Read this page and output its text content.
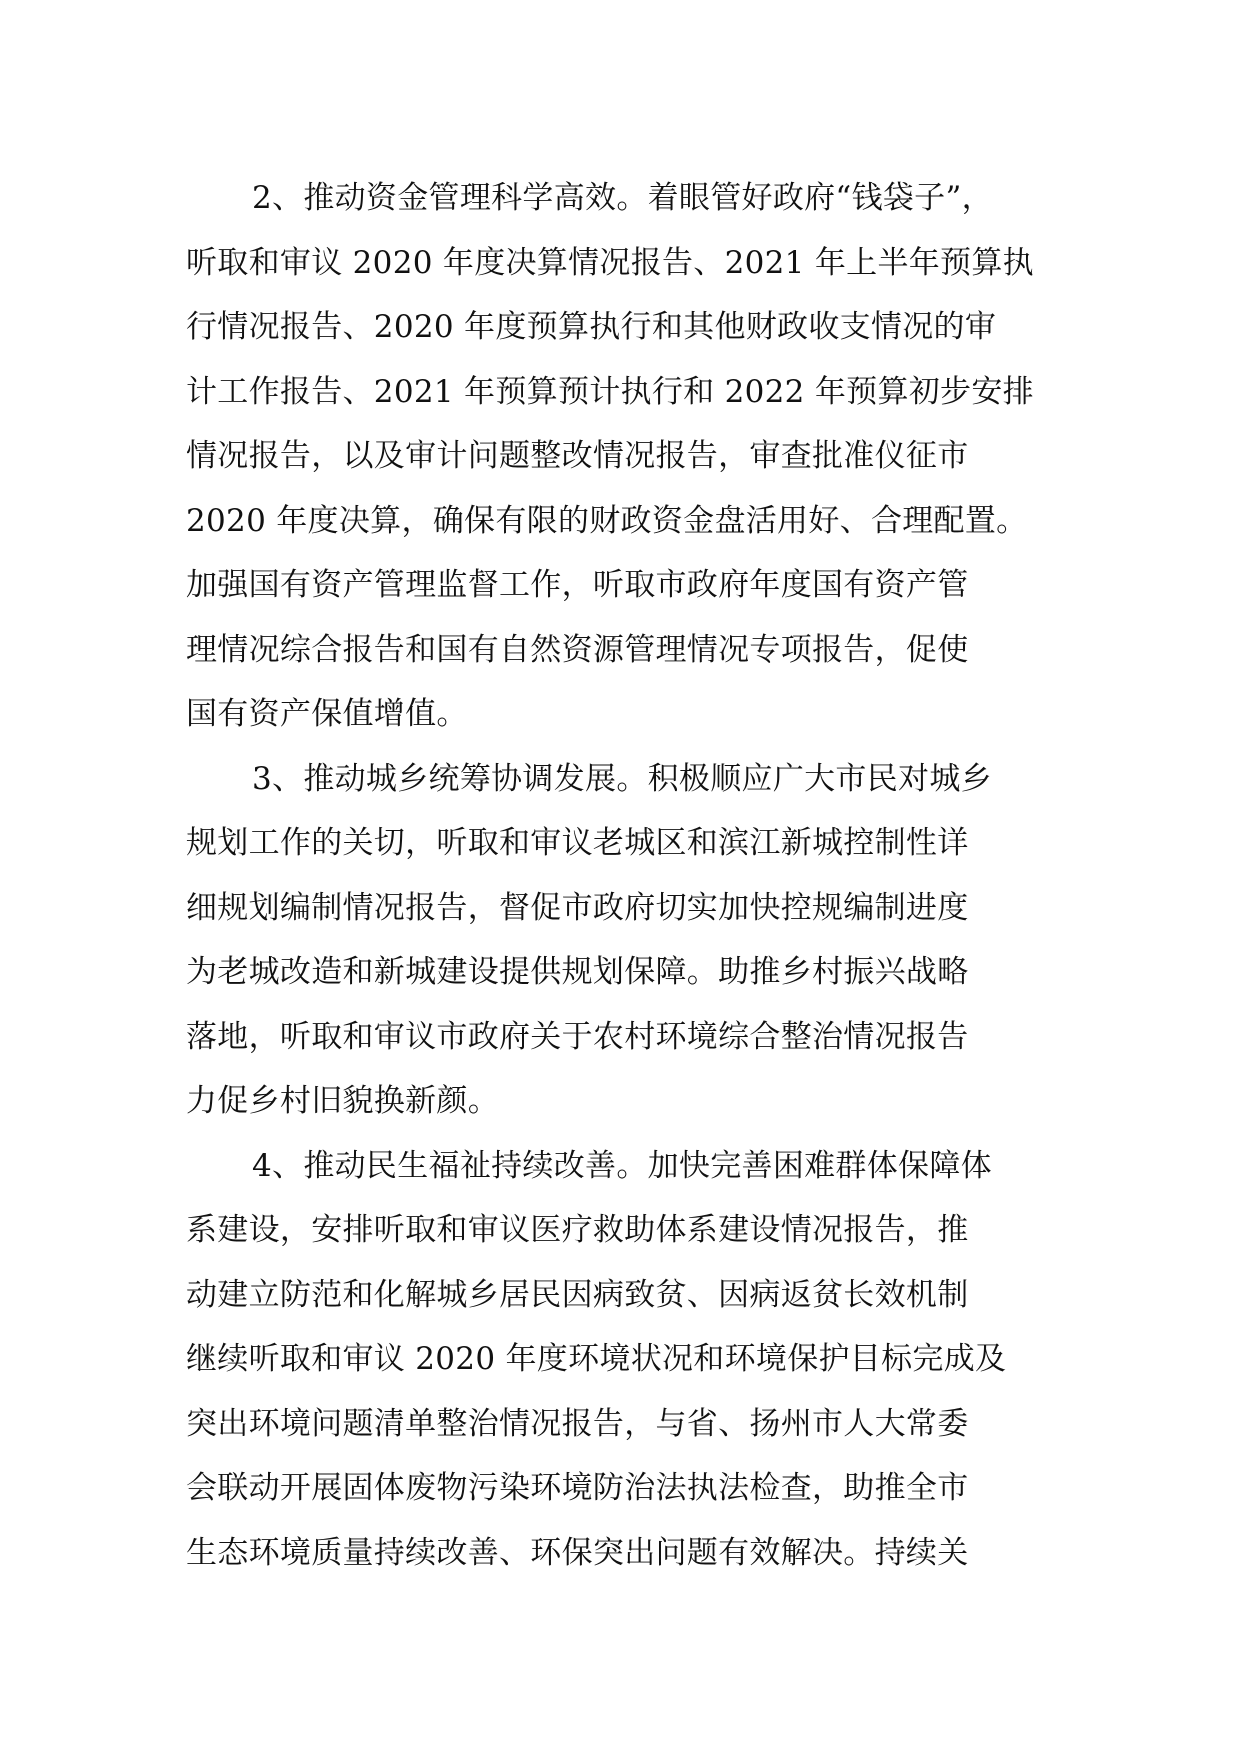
2、推动资金管理科学高效。着眼管好政府“钱袋子”，
听取和审议 2020 年度决算情况报告、2021 年上半年预算执
行情况报告、2020 年度预算执行和其他财政收支情况的审
计工作报告、2021 年预算预计执行和 2022 年预算初步安排
情况报告，以及审计问题整改情况报告，审查批准仪征市
2020 年度决算，确保有限的财政资金盘活用好、合理配置。
加强国有资产管理监督工作，听取市政府年度国有资产管
理情况综合报告和国有自然资源管理情况专项报告，促使
国有资产保值增值。
3、推动城乡统筹协调发展。积极顺应广大市民对城乡
规划工作的关切，听取和审议老城区和滨江新城控制性详
细规划编制情况报告，督促市政府切实加快控规编制进度
为老城改造和新城建设提供规划保障。助推乡村振兴战略
落地，听取和审议市政府关于农村环境综合整治情况报告
力促乡村旧貌换新颜。
4、推动民生福祉持续改善。加快完善困难群体保障体
系建设，安排听取和审议医疗救助体系建设情况报告，推
动建立防范和化解城乡居民因病致贫、因病返贫长效机制
继续听取和审议 2020 年度环境状况和环境保护目标完成及
突出环境问题清单整治情况报告，与省、扬州市人大常委
会联动开展固体废物污染环境防治法执法检查，助推全市
生态环境质量持续改善、环保突出问题有效解决。持续关
